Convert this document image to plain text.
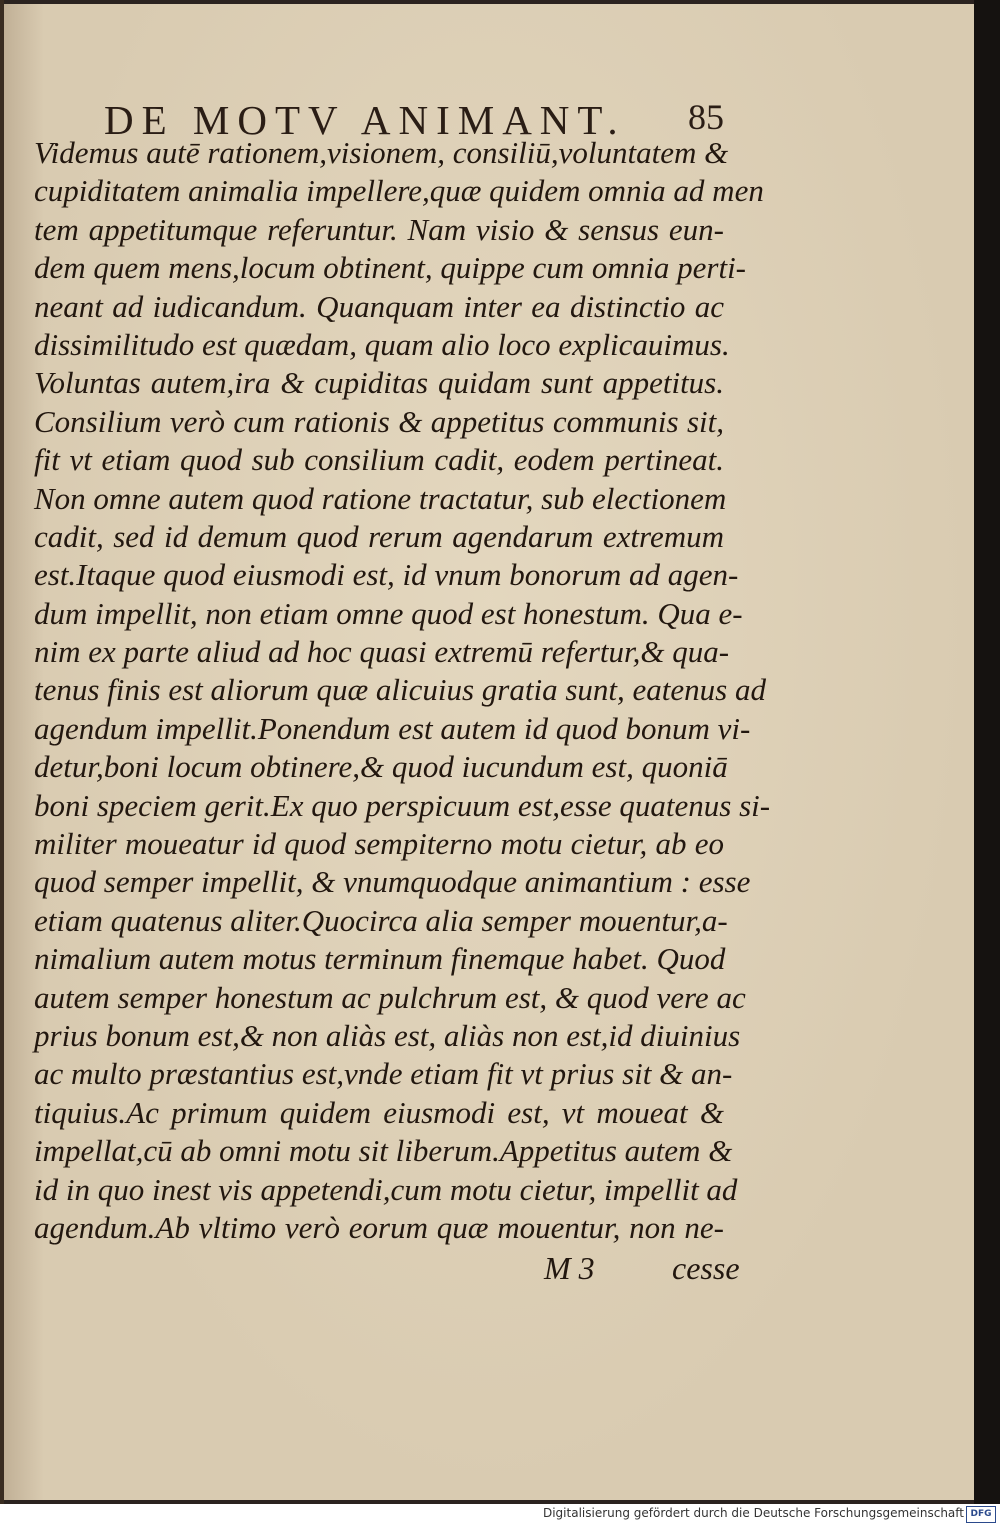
DE MOTV ANIMANT. 85
Videmus autē rationem,visionem, consiliū,voluntatem &
cupiditatem animalia impellere,quæ quidem omnia ad men
tem appetitumque referuntur. Nam visio & sensus eun-
dem quem mens,locum obtinent, quippe cum omnia perti-
neant ad iudicandum. Quanquam inter ea distinctio ac
dissimilitudo est quædam, quam alio loco explicauimus.
Voluntas autem,ira & cupiditas quidam sunt appetitus.
Consilium verò cum rationis & appetitus communis sit,
fit vt etiam quod sub consilium cadit, eodem pertineat.
Non omne autem quod ratione tractatur, sub electionem
cadit, sed id demum quod rerum agendarum extremum
est.Itaque quod eiusmodi est, id vnum bonorum ad agen-
dum impellit, non etiam omne quod est honestum. Qua e-
nim ex parte aliud ad hoc quasi extremū refertur,& qua-
tenus finis est aliorum quæ alicuius gratia sunt, eatenus ad
agendum impellit.Ponendum est autem id quod bonum vi-
detur,boni locum obtinere,& quod iucundum est, quoniā
boni speciem gerit.Ex quo perspicuum est,esse quatenus si-
militer moueatur id quod sempiterno motu cietur, ab eo
quod semper impellit, & vnumquodque animantium : esse
etiam quatenus aliter.Quocirca alia semper mouentur,a-
nimalium autem motus terminum finemque habet. Quod
autem semper honestum ac pulchrum est, & quod vere ac
prius bonum est,& non aliàs est, aliàs non est,id diuinius
ac multo præstantius est,vnde etiam fit vt prius sit & an-
tiquius.Ac primum quidem eiusmodi est, vt moueat &
impellat,cū ab omni motu sit liberum.Appetitus autem &
id in quo inest vis appetendi,cum motu cietur, impellit ad
agendum.Ab vltimo verò eorum quæ mouentur, non ne-
M 3 cesse
Digitalisierung gefördert durch die Deutsche Forschungsgemeinschaft DFG
